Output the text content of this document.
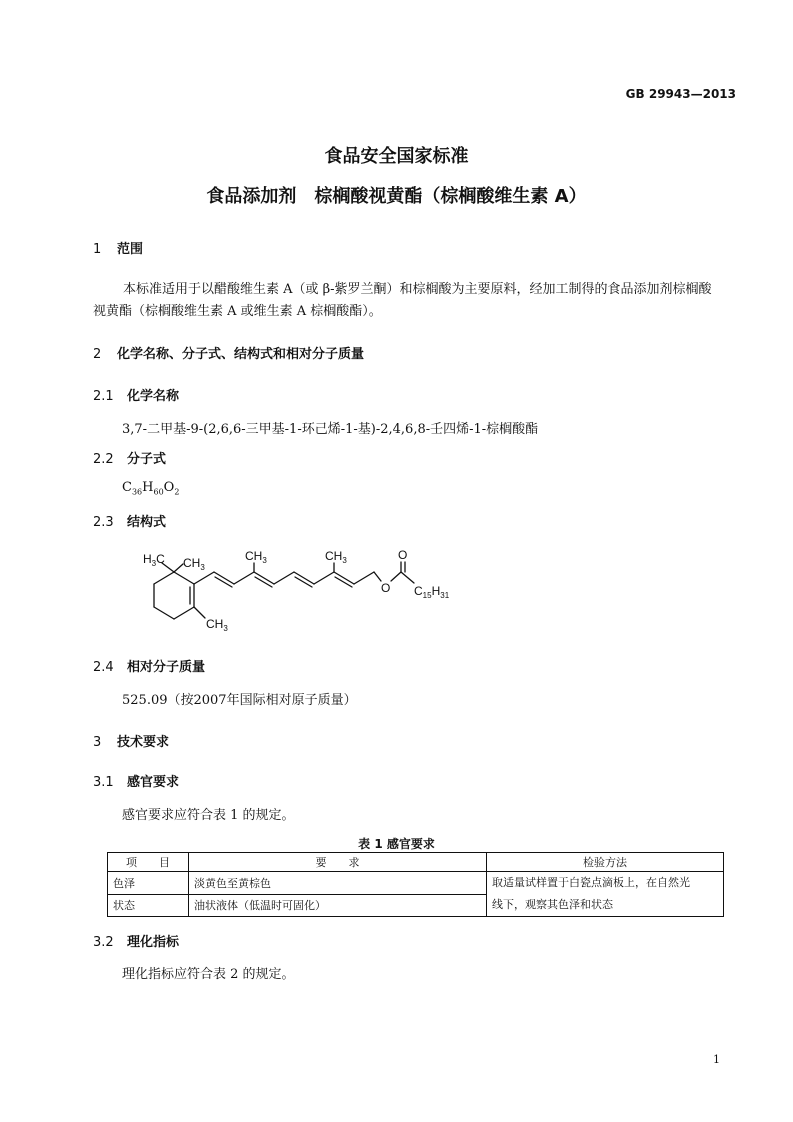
GB 29943—2013
食品安全国家标准
食品添加剂　棕榈酸视黄酯（棕榈酸维生素 A）
1 范围
本标准适用于以醋酸维生素 A（或 β-紫罗兰酮）和棕榈酸为主要原料，经加工制得的食品添加剂棕榈酸视黄酯（棕榈酸维生素 A 或维生素 A 棕榈酸酯）。
2 化学名称、分子式、结构式和相对分子质量
2.1 化学名称
3,7-二甲基-9-(2,6,6-三甲基-1-环己烯-1-基)-2,4,6,8-壬四烯-1-棕榈酸酯
2.2 分子式
$C_{36}H_{60}O_2$
2.3 结构式
$H_3C$ $CH_3$
$CH_3$
$CH_3$	$CH_3$	O
O $C_{15}H_{31}$
2.4 相对分子质量
525.09（按2007年国际相对原子质量）
3 技术要求
3.1 感官要求
感官要求应符合表 1 的规定。
表 1 感官要求
项　　目	要　　求	检验方法
色泽	淡黄色至黄棕色	取适量试样置于白瓷点滴板上，在自然光
线下，观察其色泽和状态
状态	油状液体（低温时可固化）	
3.2 理化指标
理化指标应符合表 2 的规定。
1
